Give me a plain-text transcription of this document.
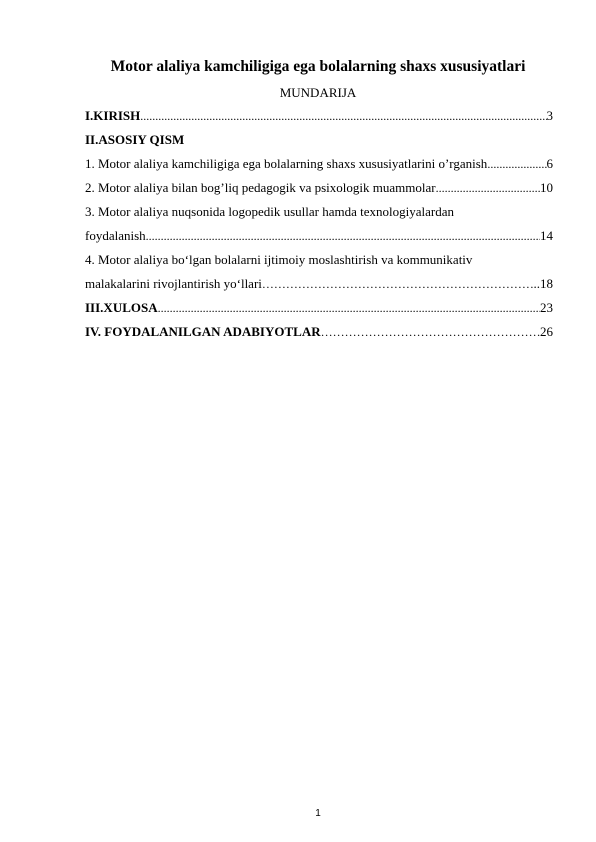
Motor alaliya kamchiligiga ega bolalarning shaxs xususiyatlari
MUNDARIJA
I.KIRISH .....	3
II.ASOSIY QISM
1. Motor alaliya kamchiligiga ega bolalarning shaxs xususiyatlarini o’rganish .....	6
2. Motor alaliya bilan bog’liq pedagogik va psixologik muammolar .....	10
3. Motor alaliya nuqsonida logopedik usullar hamda texnologiyalardan
foydalanish .....	14
4. Motor alaliya bo‘lgan bolalarni ijtimoiy moslashtirish va kommunikativ
malakalarini rivojlantirish yo‘llari ……………………………………………………………………………………………………………………………………	..18
III.XULOSA .....	23
IV. FOYDALANILGAN ADABIYOTLAR ……………………………………………………………………………………………………………………………………	26
1
